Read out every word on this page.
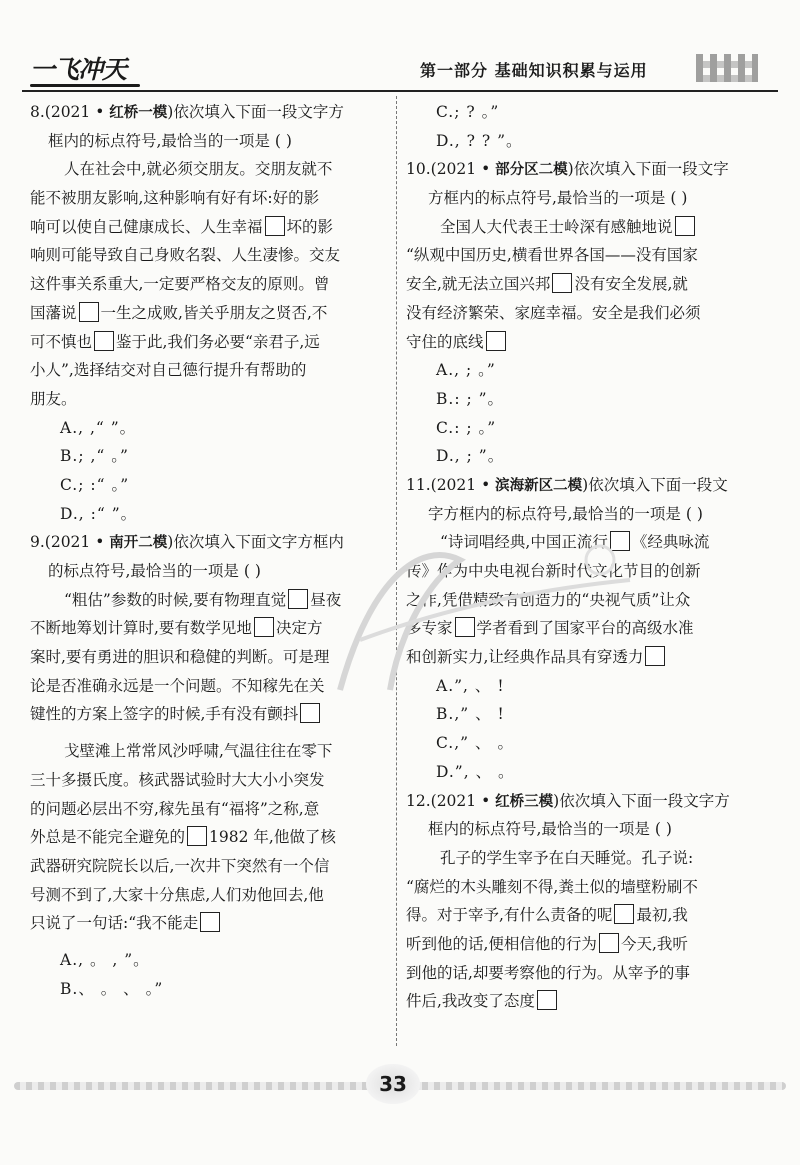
一飞冲天	第一部分 基础知识积累与运用
8.(2021 • 红桥一模)依次填入下面一段文字方
框内的标点符号,最恰当的一项是 ( )
人在社会中,就必须交朋友。交朋友就不
能不被朋友影响,这种影响有好有坏:好的影
响可以使自己健康成长、人生幸福 坏的影
响则可能导致自己身败名裂、人生凄惨。交友
这件事关系重大,一定要严格交友的原则。曾
国藩说 一生之成败,皆关乎朋友之贤否,不
可不慎也 鉴于此,我们务必要“亲君子,远
小人”,选择结交对自己德行提升有帮助的
朋友。
A., ,“ ”。
B.; ,“ 。”
C.; :“ 。”
D., :“ ”。
9.(2021 • 南开二模)依次填入下面文字方框内
的标点符号,最恰当的一项是 ( )
“粗估”参数的时候,要有物理直觉 昼夜
不断地筹划计算时,要有数学见地 决定方
案时,要有勇进的胆识和稳健的判断。可是理
论是否准确永远是一个问题。不知稼先在关
键性的方案上签字的时候,手有没有颤抖
戈壁滩上常常风沙呼啸,气温往往在零下
三十多摄氏度。核武器试验时大大小小突发
的问题必层出不穷,稼先虽有“福将”之称,意
外总是不能完全避免的 1982 年,他做了核
武器研究院院长以后,一次井下突然有一个信
号测不到了,大家十分焦虑,人们劝他回去,他
只说了一句话:“我不能走
A., 。 , ”。
B.、 。 、 。”
C.; ? 。”
D., ? ? ”。
10.(2021 • 部分区二模)依次填入下面一段文字
方框内的标点符号,最恰当的一项是 ( )
全国人大代表王士岭深有感触地说
“纵观中国历史,横看世界各国——没有国家
安全,就无法立国兴邦 没有安全发展,就
没有经济繁荣、家庭幸福。安全是我们必须
守住的底线
A., ; 。”
B.: ; ”。
C.: ; 。”
D., ; ”。
11.(2021 • 滨海新区二模)依次填入下面一段文
字方框内的标点符号,最恰当的一项是 ( )
“诗词唱经典,中国正流行 《经典咏流
传》作为中央电视台新时代文化节目的创新
之作,凭借精致有创造力的“央视气质”让众
多专家 学者看到了国家平台的高级水准
和创新实力,让经典作品具有穿透力
A.”, 、 !
B.,” 、 !
C.,” 、 。
D.”, 、 。
12.(2021 • 红桥三模)依次填入下面一段文字方
框内的标点符号,最恰当的一项是 ( )
孔子的学生宰予在白天睡觉。孔子说:
“腐烂的木头雕刻不得,粪土似的墙壁粉刷不
得。对于宰予,有什么责备的呢 最初,我
听到他的话,便相信他的行为 今天,我听
到他的话,却要考察他的行为。从宰予的事
件后,我改变了态度
33
